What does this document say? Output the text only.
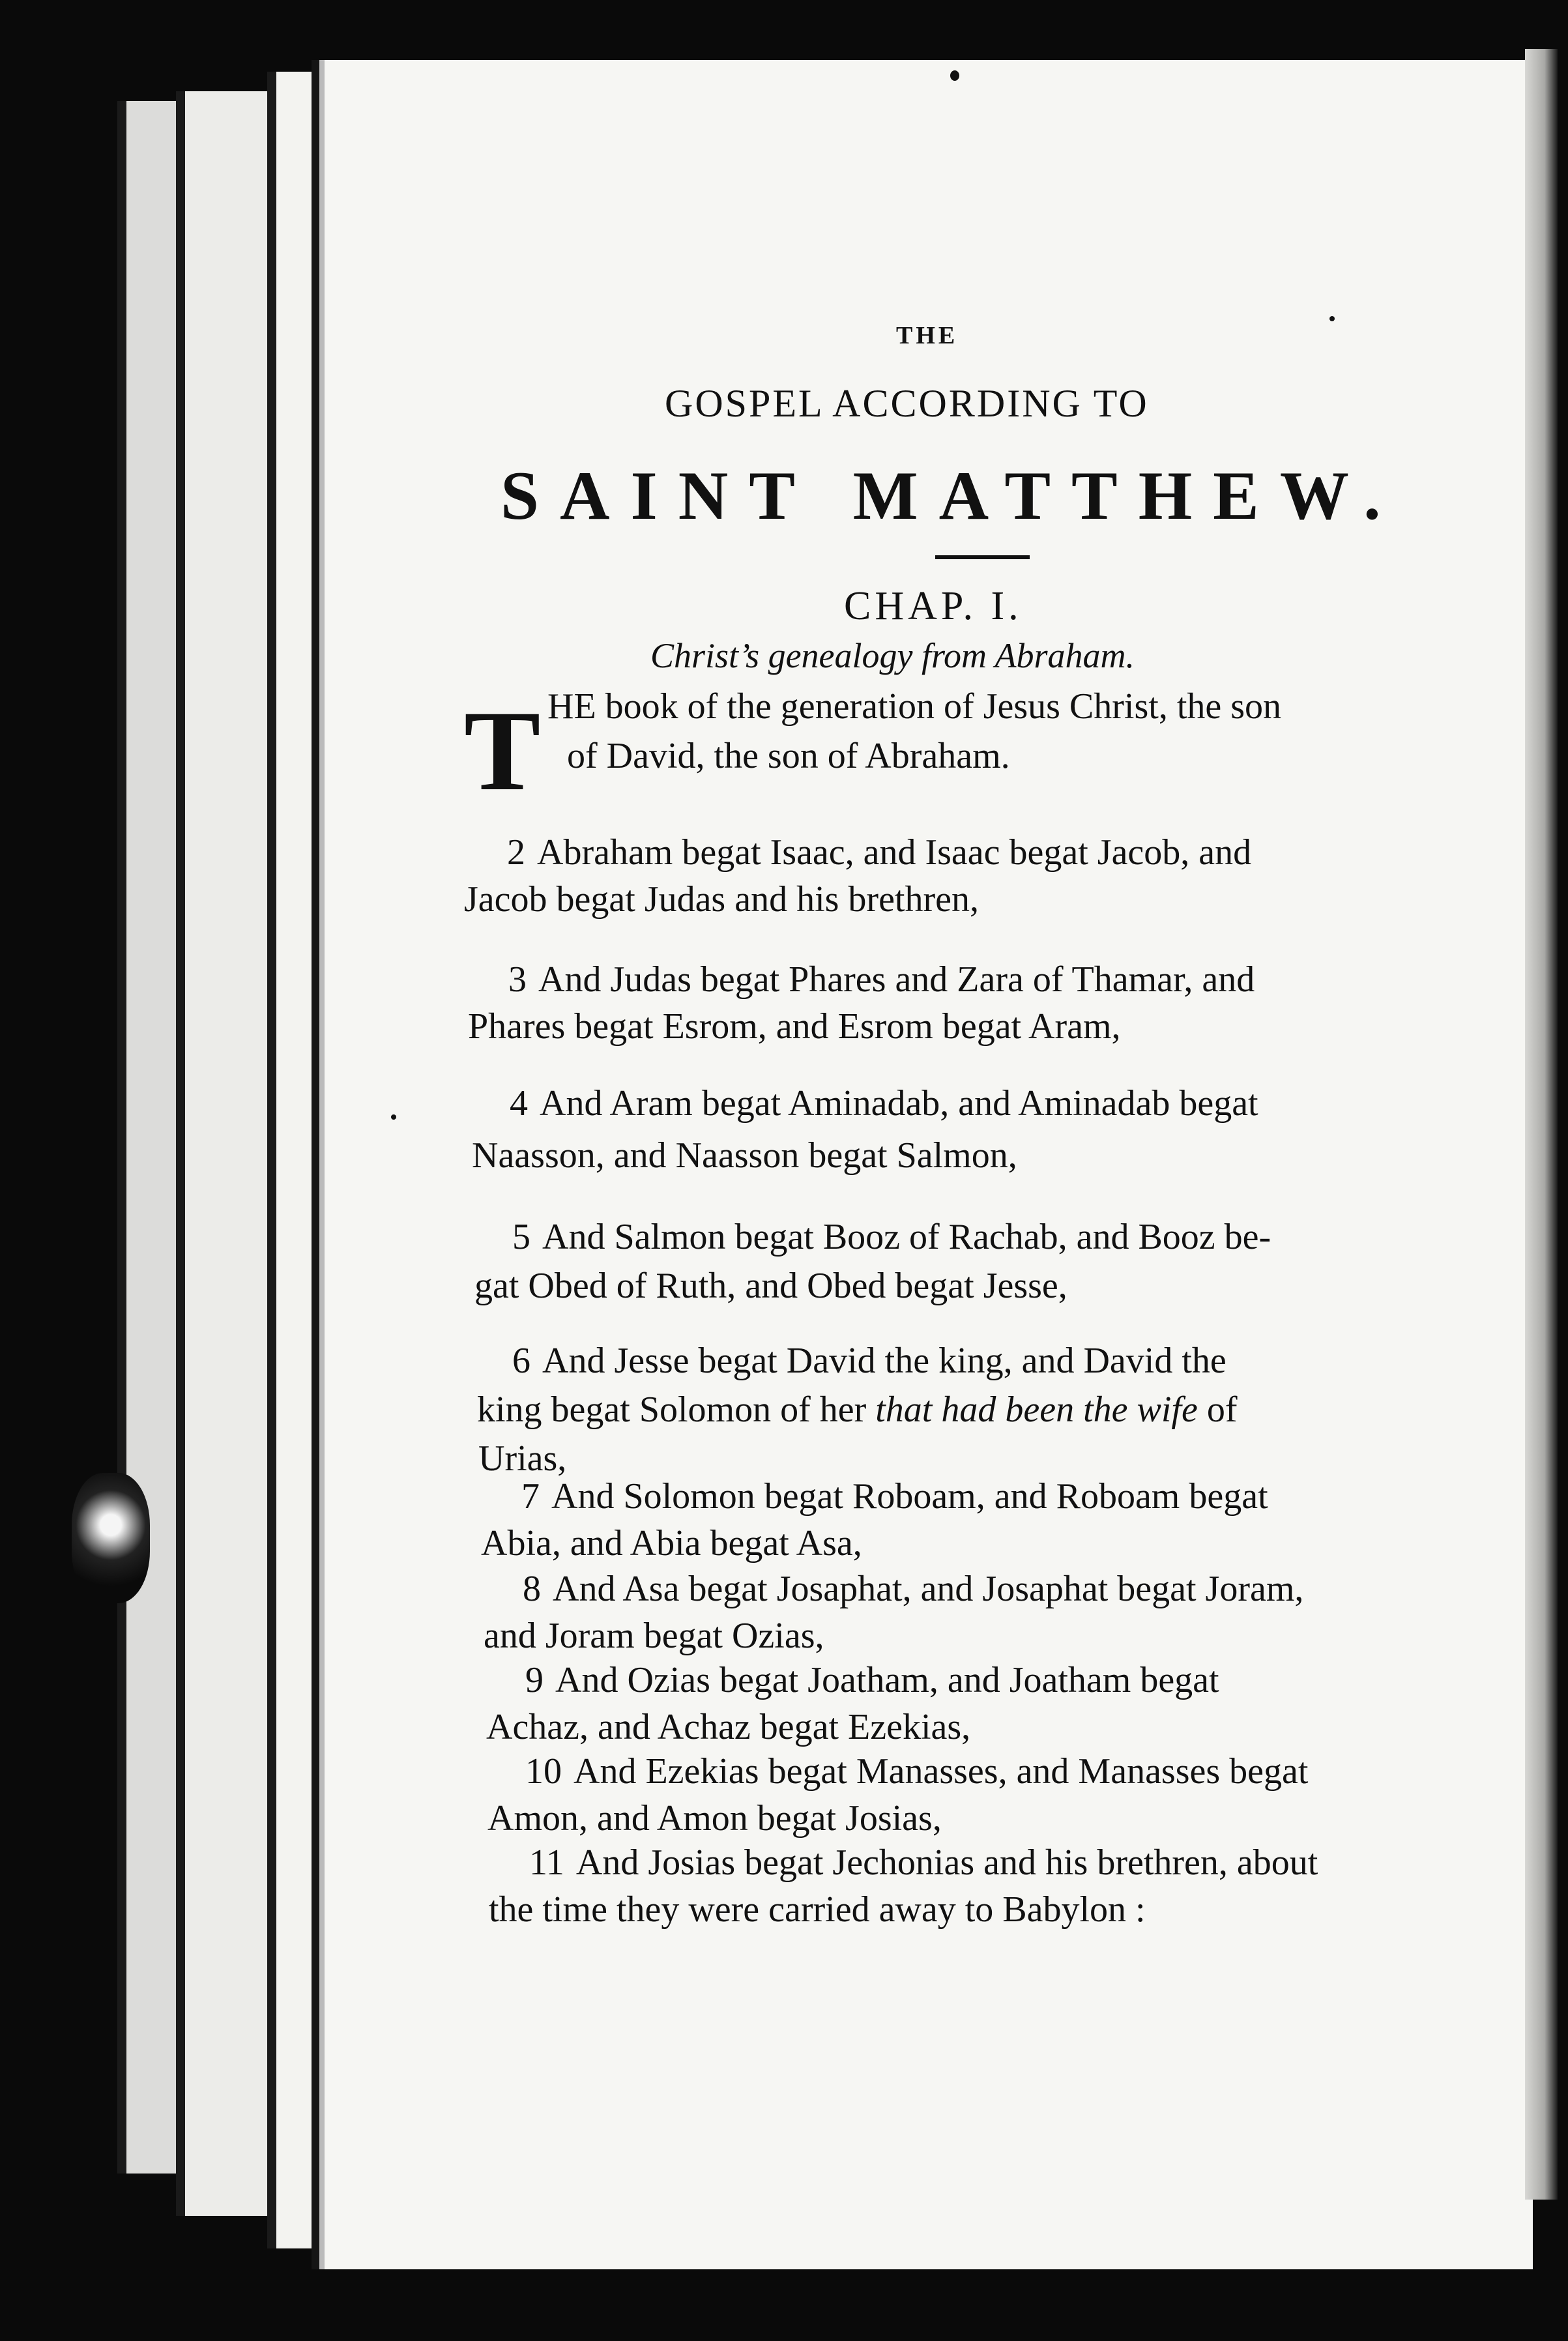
THE
GOSPEL ACCORDING TO
SAINT MATTHEW.
CHAP. I.
Christ’s genealogy from Abraham.
T HE book of the generation of Jesus Christ, the son
of David, the son of Abraham.
2 Abraham begat Isaac, and Isaac begat Jacob, and
Jacob begat Judas and his brethren,
3 And Judas begat Phares and Zara of Thamar, and
Phares begat Esrom, and Esrom begat Aram,
4 And Aram begat Aminadab, and Aminadab begat
Naasson, and Naasson begat Salmon,
5 And Salmon begat Booz of Rachab, and Booz be-
gat Obed of Ruth, and Obed begat Jesse,
6 And Jesse begat David the king, and David the
king begat Solomon of her that had been the wife of
Urias,
7 And Solomon begat Roboam, and Roboam begat
Abia, and Abia begat Asa,
8 And Asa begat Josaphat, and Josaphat begat Joram,
and Joram begat Ozias,
9 And Ozias begat Joatham, and Joatham begat
Achaz, and Achaz begat Ezekias,
10 And Ezekias begat Manasses, and Manasses begat
Amon, and Amon begat Josias,
11 And Josias begat Jechonias and his brethren, about
the time they were carried away to Babylon :
